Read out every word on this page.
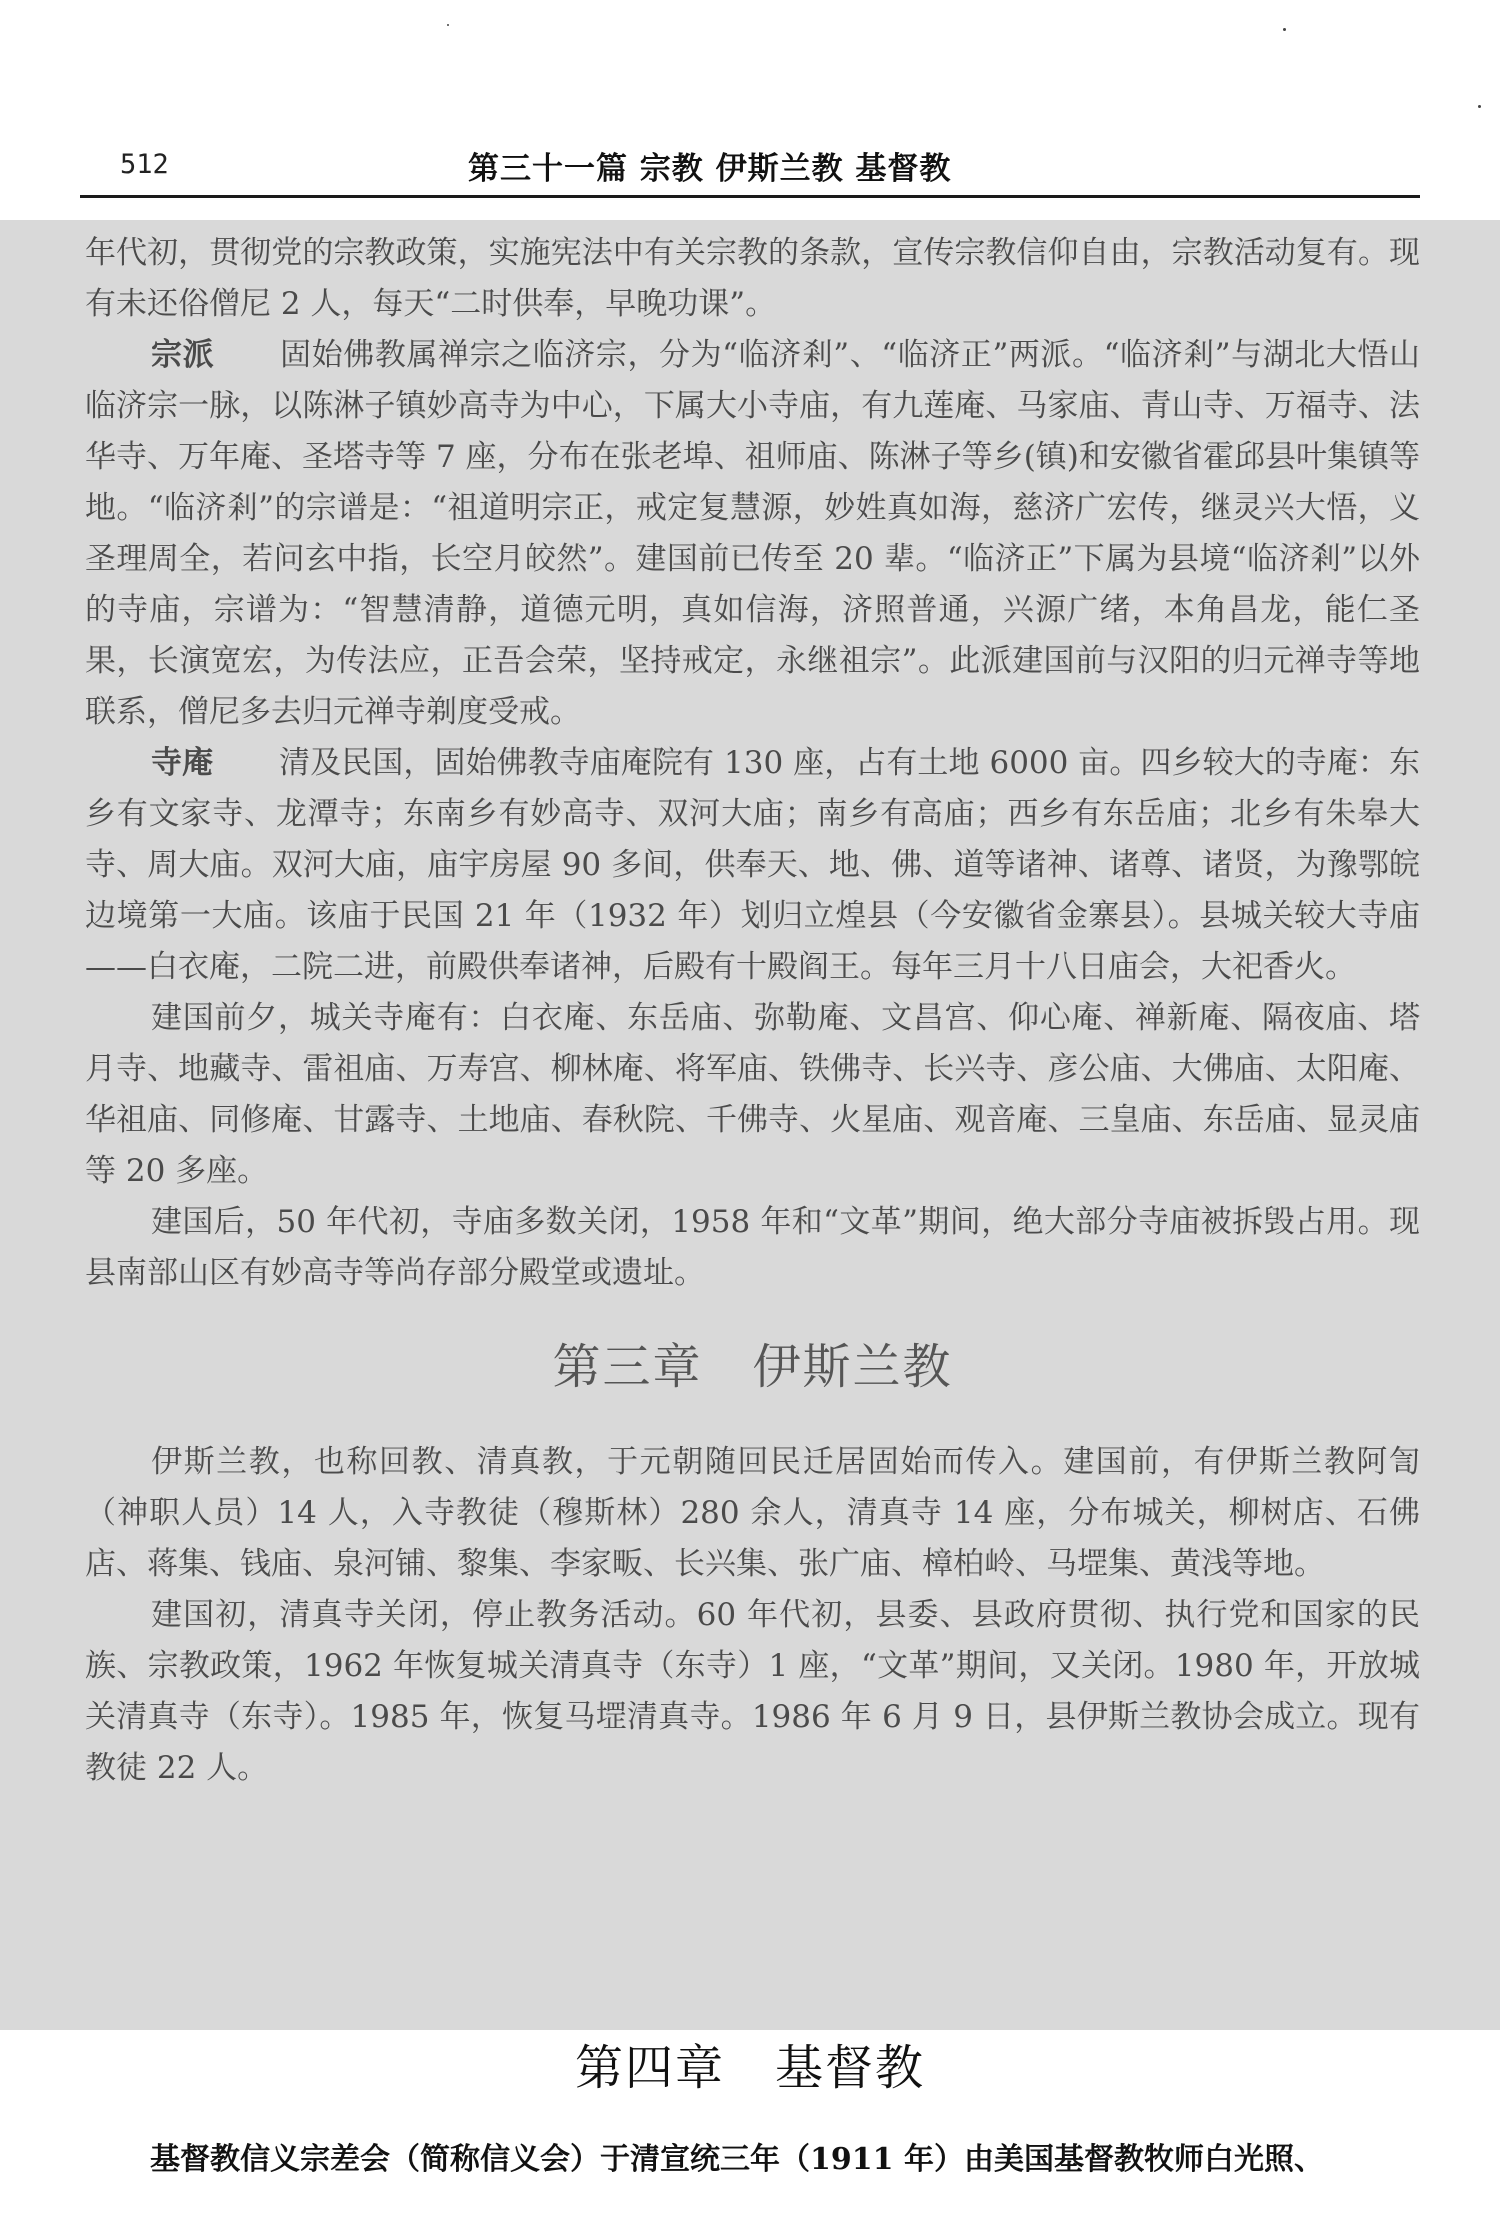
512	第三十一篇 宗教 伊斯兰教 基督教

年代初，贯彻党的宗教政策，实施宪法中有关宗教的条款，宣传宗教信仰自由，宗教活动复有。现有未还俗僧尼 2 人，每天“二时供奉，早晚功课”。

宗派 固始佛教属禅宗之临济宗，分为“临济剎”、“临济正”两派。“临济剎”与湖北大悟山临济宗一脉，以陈淋子镇妙高寺为中心，下属大小寺庙，有九莲庵、马家庙、青山寺、万福寺、法华寺、万年庵、圣塔寺等 7 座，分布在张老埠、祖师庙、陈淋子等乡(镇)和安徽省霍邱县叶集镇等地。“临济剎”的宗谱是：“祖道明宗正，戒定复慧源，妙姓真如海，慈济广宏传，继灵兴大悟，义圣理周全，若问玄中指，长空月皎然”。建国前已传至 20 辈。“临济正”下属为县境“临济剎”以外的寺庙，宗谱为：“智慧清静，道德元明，真如信海，济照普通，兴源广绪，本角昌龙，能仁圣果，长演宽宏，为传法应，正吾会荣，坚持戒定，永继祖宗”。此派建国前与汉阳的归元禅寺等地联系，僧尼多去归元禅寺剃度受戒。

寺庵 清及民国，固始佛教寺庙庵院有 130 座，占有土地 6000 亩。四乡较大的寺庵：东乡有文家寺、龙潭寺；东南乡有妙高寺、双河大庙；南乡有高庙；西乡有东岳庙；北乡有朱皋大寺、周大庙。双河大庙，庙宇房屋 90 多间，供奉天、地、佛、道等诸神、诸尊、诸贤，为豫鄂皖边境第一大庙。该庙于民国 21 年（1932 年）划归立煌县（今安徽省金寨县）。县城关较大寺庙——白衣庵，二院二进，前殿供奉诸神，后殿有十殿阎王。每年三月十八日庙会，大祀香火。

建国前夕，城关寺庵有：白衣庵、东岳庙、弥勒庵、文昌宫、仰心庵、禅新庵、隔夜庙、塔月寺、地藏寺、雷祖庙、万寿宫、柳林庵、将军庙、铁佛寺、长兴寺、彦公庙、大佛庙、太阳庵、华祖庙、同修庵、甘露寺、土地庙、春秋院、千佛寺、火星庙、观音庵、三皇庙、东岳庙、显灵庙等 20 多座。

建国后，50 年代初，寺庙多数关闭，1958 年和“文革”期间，绝大部分寺庙被拆毁占用。现县南部山区有妙高寺等尚存部分殿堂或遗址。

第三章　伊斯兰教

伊斯兰教，也称回教、清真教，于元朝随回民迁居固始而传入。建国前，有伊斯兰教阿訇（神职人员）14 人，入寺教徒（穆斯林）280 余人，清真寺 14 座，分布城关，柳树店、石佛店、蒋集、钱庙、泉河铺、黎集、李家畈、长兴集、张广庙、樟柏岭、马堽集、黄浅等地。

建国初，清真寺关闭，停止教务活动。60 年代初，县委、县政府贯彻、执行党和国家的民族、宗教政策，1962 年恢复城关清真寺（东寺）1 座，“文革”期间，又关闭。1980 年，开放城关清真寺（东寺）。1985 年，恢复马堽清真寺。1986 年 6 月 9 日，县伊斯兰教协会成立。现有教徒 22 人。

第四章　基督教
基督教信义宗差会（简称信义会）于清宣统三年（1911 年）由美国基督教牧师白光照、
